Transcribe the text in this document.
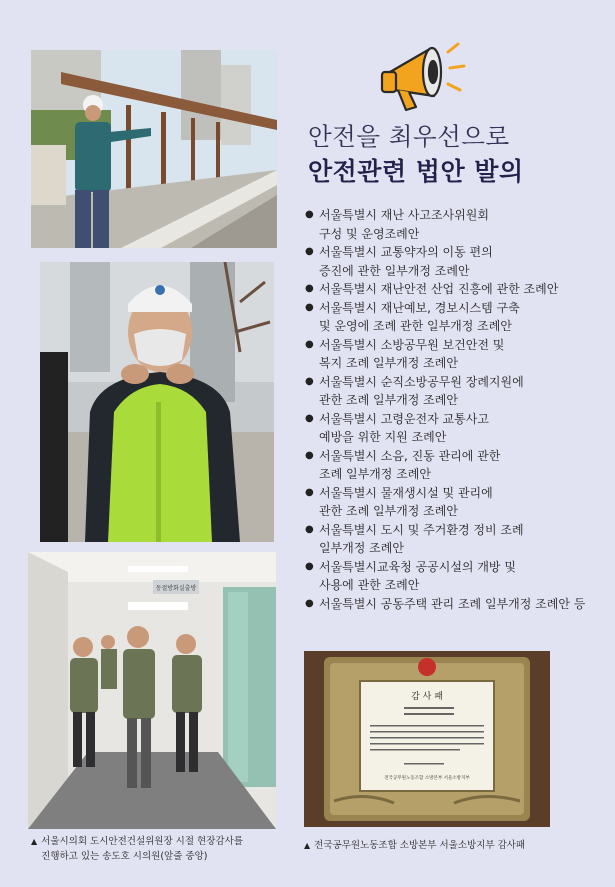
동절방화실출방
안전을 최우선으로
안전관련 법안 발의
● 서울특별시 재난 사고조사위원회
구성 및 운영조례안
● 서울특별시 교통약자의 이동 편의
증진에 관한 일부개정 조례안
● 서울특별시 재난안전 산업 진흥에 관한 조례안
● 서울특별시 재난예보, 경보시스템 구축
및 운영에 조례 관한 일부개정 조례안
● 서울특별시 소방공무원 보건안전 및
복지 조례 일부개정 조례안
● 서울특별시 순직소방공무원 장례지원에
관한 조례 일부개정 조례안
● 서울특별시 고령운전자 교통사고
예방을 위한 지원 조례안
● 서울특별시 소음, 진동 관리에 관한
조례 일부개정 조례안
● 서울특별시 물재생시설 및 관리에
관한 조례 일부개정 조례안
● 서울특별시 도시 및 주거환경 정비 조례
일부개정 조례안
● 서울특별시교육청 공공시설의 개방 및
사용에 관한 조례안
● 서울특별시 공동주택 관리 조례 일부개정 조례안 등
감 사 패
전국공무원노동조합 소방본부 서울소방지부
▲ 서울시의회 도시안전건설위원장 시절 현장감사를
진행하고 있는 송도호 시의원(앞줄 중앙)
▲ 전국공무원노동조합 소방본부 서울소방지부 감사패
